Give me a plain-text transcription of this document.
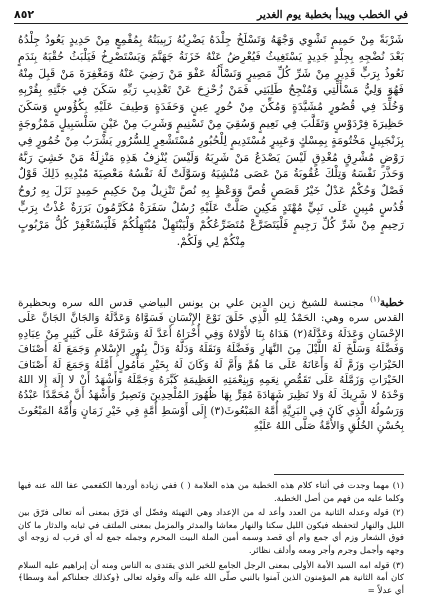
في الخطب ويبدأ بخطبة يوم الغدير
٨٥٢
شَرْبَةً مِنْ حَمِيمٍ تَشْوِي وَجْهَهُ وَتَسْلَخُ جِلْدَهُ يَضْرِبُهُ زَبِيبَتُهُ بِمُقْمِعٍ مِنْ حَدِيدٍ يَعُودُ جِلْدُهُ بَعْدَ نُضْجِهِ بِجِلْدٍ جَدِيدٍ يَسْتَغِيثُ فَيُعْرِضُ عَنْهُ خَزَنَةُ جَهَنَّمَ وَيَسْتَصْرِخُ فَيَلْبَثُ حُقْبَهُ بِنَدَمٍ نَعُوذُ بِرَبٍّ قَدِيرٍ مِنْ شَرِّ كُلِّ مَصِيرٍ وَنَسْأَلُهُ عَفْوَ مَنْ رَضِيَ عَنْهُ وَمَغْفِرَةَ مَنْ قَبِلَ مِنْهُ فَهُوَ وَلِيُّ مَسْأَلَتِي وَمُنْجِحُ طَلِبَتِي فَمَنْ زُحْزِحَ عَنْ تَعْذِيبِ رَبِّهِ سَكَنَ فِي جَنَّتِهِ بِقُرْبِهِ وَخُلِّدَ فِي قُصُورٍ مُشَيَّدَةٍ وَمُكِّنَ مِنْ حُورٍ عِينٍ وَحَفَدَةٍ وَطِيفَ عَلَيْهِ بِكُؤُوسٍ وَسَكَنَ حَظِيرَةَ فِرْدَوْسٍ وَتَقَلَّبَ فِي نَعِيمٍ وَسُقِيَ مِنْ تَسْنِيمٍ وَشَرِبَ مِنْ عَيْنٍ سَلْسَبِيلٍ مَمْزُوجَةٍ بِزَنْجَبِيلٍ مَخْتُومَةٍ بِمِسْكٍ وَعَبِيرٍ مُسْتَدِيمٍ لِلْحُبُورِ مُسْتَشْعِرٍ لِلسُّرُورِ يَشْرَبُ مِنْ خُمُورٍ فِي رَوْضٍ مُشْرِقٍ مُغْدِقٍ لَيْسَ يَصْدَعُ مَنْ شَرِبَهُ وَلَيْسَ يُنْزِفُ هَذِهِ مَنْزِلَةُ مَنْ خَشِيَ رَبَّهُ وَحَذَّرَ نَفْسَهُ وَتِلْكَ عُقُوبَةُ مَنْ عَصَى مُنْشِيَهُ وَسَوَّلَتْ لَهُ نَفْسُهُ مَعْصِيَةَ مُبْدِيهِ ذَلِكَ قَوْلٌ فَصْلٌ وَحُكْمٌ عَدْلٌ خَيْرُ قَصَصٍ قُصَّ وَوَعْظٍ بِهِ نُصَّ تَنْزِيلٌ مِنْ حَكِيمٍ حَمِيدٍ نَزَلَ بِهِ رُوحُ قُدُسٍ مُبِينٍ عَلَى نَبِيٍّ مُهْتَدٍ مَكِينٍ صَلَّتْ عَلَيْهِ رُسُلٌ سَفَرَةٌ مُكَرَّمُونَ بَرَرَةٌ عُذْتُ بِرَبٍّ رَحِيمٍ مِنْ شَرِّ كُلِّ رَجِيمٍ فَلْيَتَضَرَّعْ مُتَضَرِّعُكُمْ وَلْيَبْتَهِلْ مُبْتَهِلُكُمْ فَلْيَسْتَغْفِرْ كُلُّ مَرْبُوبٍ مِنْكُمْ لِي وَلَكُمْ.
خطبة$^{(١)}$ مجنسة للشيخ زين الدين علي بن يونس البياضي قدس الله سره وبحظيرة القدس سره وهي: الحَمْدُ لِلهِ الَّذِي خَلَقَ نَوْعَ الإِنْسَانِ فَسَوَّاهُ وَعَدَّلَهُ وَالجَانَّ الجَانَّ عَلَى الإِحْسَانِ وَعَدَلَهُ وَعَدَّلَهُ(٢) هَدَاهُ بِنَا لأَوْلاهُ وَفِي أُخْرَاهُ أَعَدَّ لَهُ وَشَرَّفَهُ عَلَى كَثِيرٍ مِنْ عِبَادِهِ وَفَضَّلَهُ وَسَلَّخَ لَهُ اللَّيْلَ مِنَ النَّهَارِ وَفَضَّلَهُ وَنَقَلَهُ وَدَلَّهُ وَدَلَّ بِنُورِ الإِسْلامِ وَجَمَعَ لَهُ أَصْنَافَ الخَيْرَاتِ وَزَمَّ لَهُ وَأَعَانَهُ عَلَى مَا هُمَّ وَأَمَّ لَهُ وَكَانَ لَهُ بِخَيْرِ مَأْمُولٍ أَمَّلَهُ وَجَمَعَ لَهُ أَصْنَافَ الخَيْرَاتِ وَزَمَّلَهُ عَلَى تَقَمُّصِ نِعَمِهِ وَبِنِعْمَتِهِ العَظِيمَةِ كَبَّرَهُ وَجَمَّلَهُ وَأَشْهَدُ أَنْ لا إِلَهَ إِلا اللهُ وَحْدَهُ لا شَرِيكَ لَهُ وَلا نَظِيرَ شَهَادَةَ مُقِرٍّ بِهَا ظُهُورَ المُلْحِدِينَ وَنَصِيرُ وَأَشْهَدُ أَنَّ مُحَمَّدًا عَبْدُهُ وَرَسُولُهُ الَّذِي كَانَ فِي البَرِيَّةِ أُمَّهُ المَبْعُوثَ(٣) إِلَى أَوْسَطِ أُمَّةٍ فِي خَيْرِ زَمَانٍ وَأُمَّهُ المَبْعُوثَ بِحُسْنِ الخُلُقِ وَالأُمَّةُ صَلَّى اللهُ عَلَيْهِ

(١) مهما وجدت في أثناء كلام هذه الخطبة من هذه العلامة ( ) ففي زيادة أوردها الكفعمي عفا الله عنه فيها وكلما عليه من فهم من أصل الخطبة.

(٢) قوله وعدله الثانية من العدد وأعد له من الإعداد وهي التهيئة وفضّل أي فرّق بمعنى أنه تعالى فرّق بين الليل والنهار لتحفظه فيكون الليل سكنا والنهار معاشا والمدثر والمزمل بمعنى الملتف في ثيابه والدثار ما كان فوق الشعار وزم أي جمع وام أي قصد وسمه أمين الملة البيت المحرم وجمله جمع له أي قرب له زوجه أي وجهه وأجمل وجرم وأجر ومعه وأدلف نظائر.

(٣) قوله امه السيد الأمة الأولى بمعنى الرجل الجامع للخير الذي يقتدى به الناس ومنه أن إبراهيم عليه السلام كان أمة الثانية هم المؤمنون الذين آمنوا بالنبي صلّى الله عليه وآله وقوله تعالى ﴿وكذلك جعلناكم أمة وسطا﴾ أي عدلاً =
